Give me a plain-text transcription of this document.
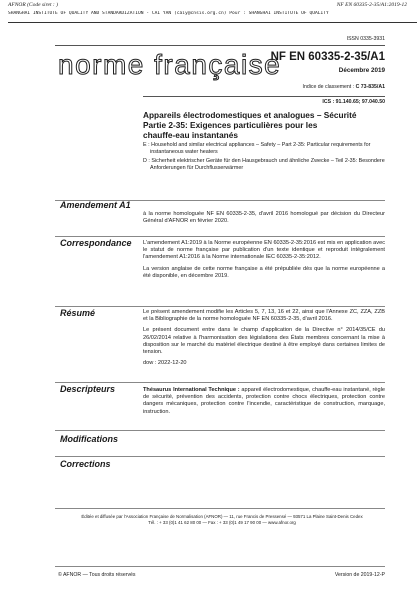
AFNOR (Code siret : )	NF EN 60335-2-35/A1:2019-12
SHANGHAI INSTITUTE OF QUALITY AND STANDARDIZATION - CAI YAN (caiy@cnsis.org.cn) Pour : SHANGHAI INSTITUTE OF QUALITY
ISSN 0335-3931
norme française
NF EN 60335-2-35/A1
Décembre 2019
Indice de classement : C 73-835/A1
ICS : 91.140.65; 97.040.50
Appareils électrodomestiques et analogues – Sécurité
Partie 2-35: Exigences particulières pour les
chauffe-eau instantanés
E : Household and similar electrical appliances – Safety – Part 2-35: Particular requirements for instantaneous water heaters
D : Sicherheit elektrischer Geräte für den Hausgebrauch und ähnliche Zwecke – Teil 2-35: Besondere Anforderungen für Durchflusserwärmer
Amendement A1

à la norme homologuée NF EN 60335-2-35, d'avril 2016 homologué par décision du Directeur Général d'AFNOR en février 2020.

Correspondance L'amendement A1:2019 à la Norme européenne EN 60335-2-35:2016 est mis en application avec le statut de norme française par publication d'un texte identique et reproduit intégralement l'amendement A1:2016 à la Norme internationale IEC 60335-2-35:2012.

La version anglaise de cette norme française a été prépubliée dès que la norme européenne a été disponible, en décembre 2019.

Résumé	Le présent amendement modifie les Articles 5, 7, 13, 16 et 22, ainsi que l'Annexe ZC, ZZA, ZZB et la Bibliographie de la norme homologuée NF EN 60335-2-35, d'avril 2016.

Le présent document entre dans le champ d'application de la Directive n° 2014/35/CE du 26/02/2014 relative à l'harmonisation des législations des États membres concernant la mise à disposition sur le marché du matériel électrique destiné à être employé dans certaines limites de tension.

dow : 2022-12-20

Descripteurs	Thésaurus International Technique : appareil électrodomestique, chauffe-eau instantané, règle de sécurité, prévention des accidents, protection contre chocs électriques, protection contre dangers mécaniques, protection contre l'incendie, caractéristique de construction, marquage, instruction.

Modifications
Corrections
Éditée et diffusée par l'Association Française de Normalisation (AFNOR) — 11, rue Francis de Pressensé — 93571 La Plaine Saint-Denis Cedex
Tél. : + 33 (0)1 41 62 80 00 — Fax : + 33 (0)1 49 17 90 00 — www.afnor.org
© AFNOR — Tous droits réservés	Version de 2019-12-P
